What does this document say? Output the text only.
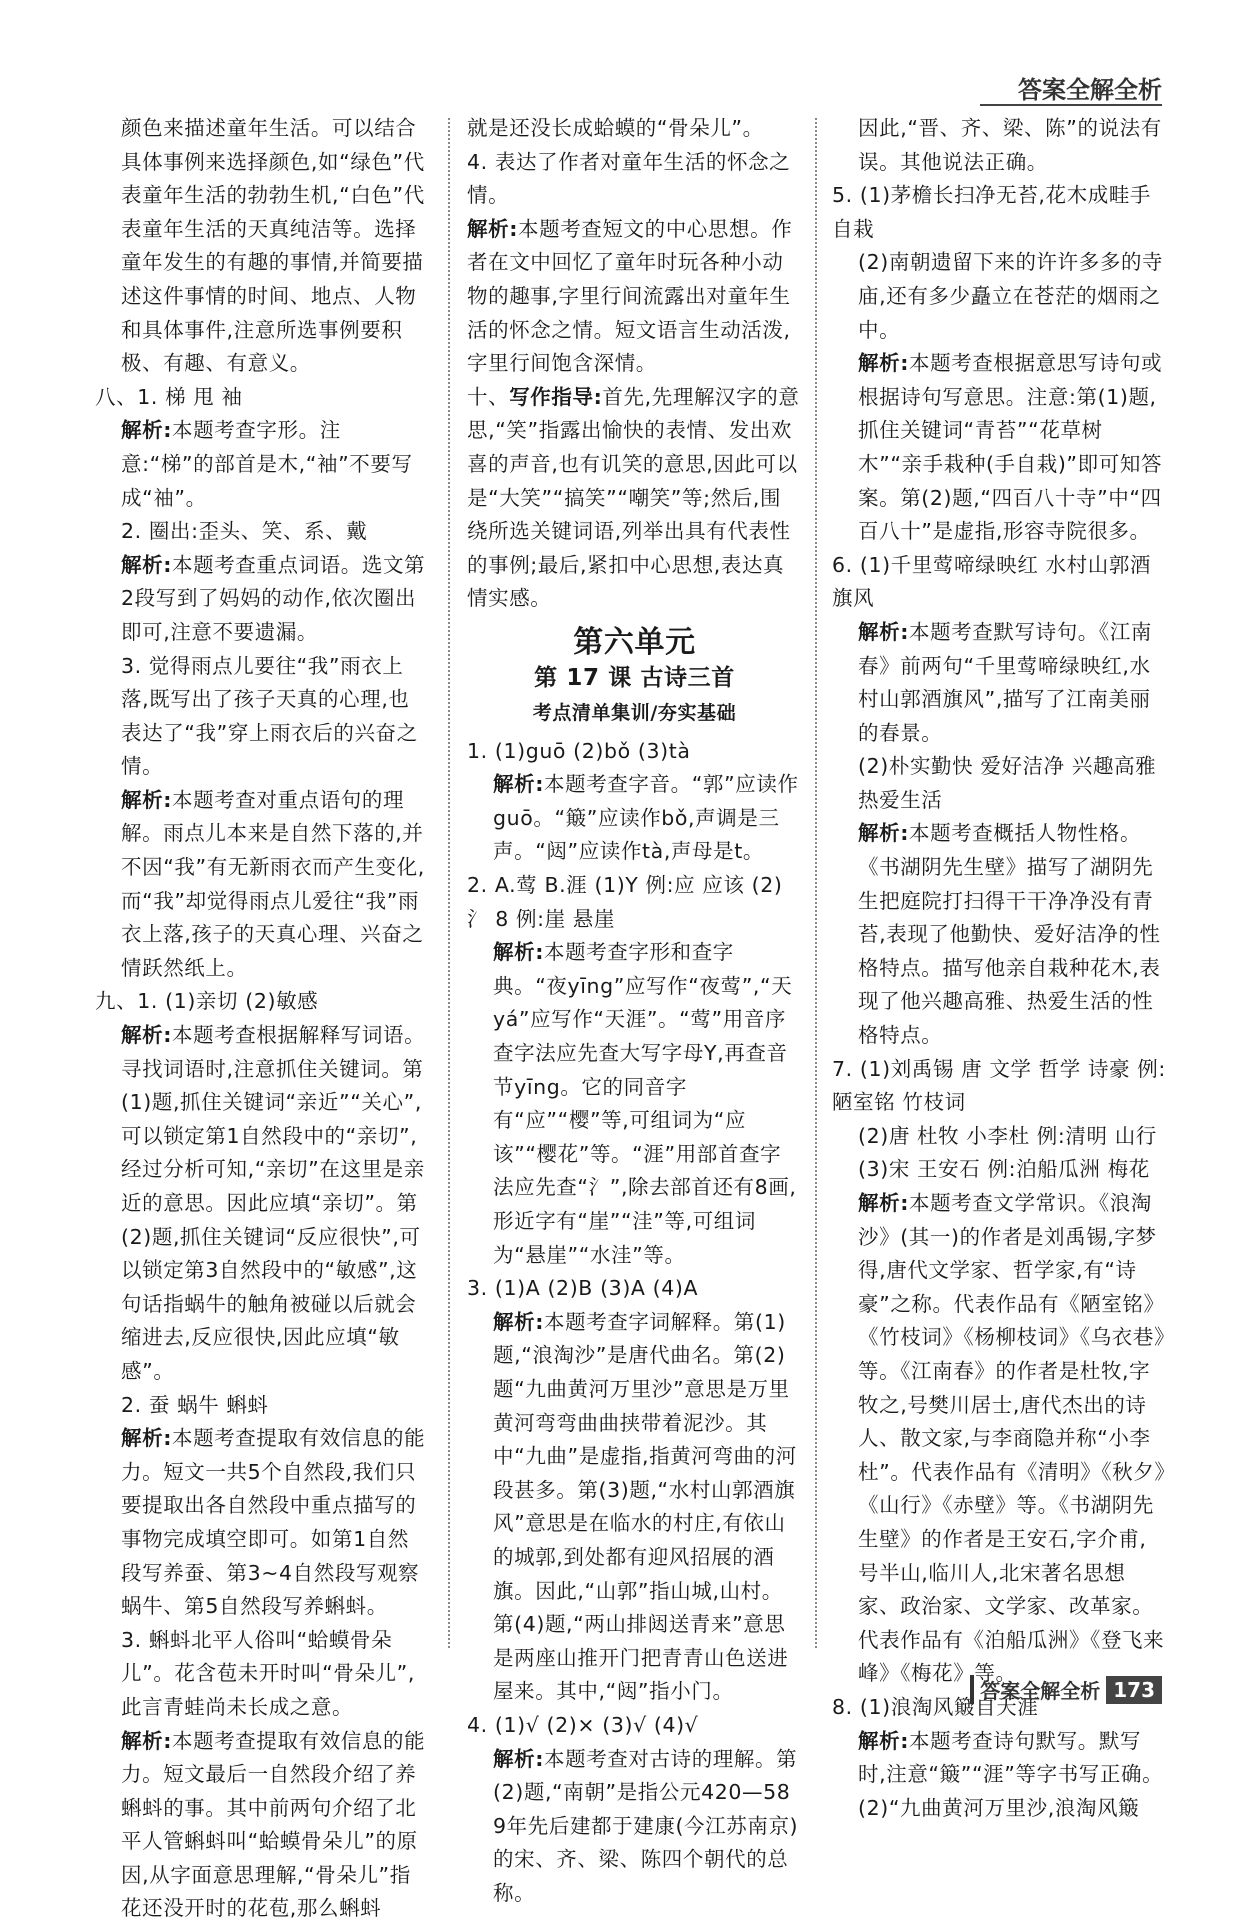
答案全解全析

颜色来描述童年生活。可以结合具体事例来选择颜色,如“绿色”代表童年生活的勃勃生机,“白色”代表童年生活的天真纯洁等。选择童年发生的有趣的事情,并简要描述这件事情的时间、地点、人物和具体事件,注意所选事例要积极、有趣、有意义。

八、1. 梯 甩 袖

解析:本题考查字形。注意:“梯”的部首是木,“袖”不要写成“䄂”。

2. 圈出:歪头、笑、系、戴

解析:本题考查重点词语。选文第2段写到了妈妈的动作,依次圈出即可,注意不要遗漏。

3. 觉得雨点儿要往“我”雨衣上落,既写出了孩子天真的心理,也表达了“我”穿上雨衣后的兴奋之情。

解析:本题考查对重点语句的理解。雨点儿本来是自然下落的,并不因“我”有无新雨衣而产生变化,而“我”却觉得雨点儿爱往“我”雨衣上落,孩子的天真心理、兴奋之情跃然纸上。

九、1. (1)亲切 (2)敏感

解析:本题考查根据解释写词语。寻找词语时,注意抓住关键词。第(1)题,抓住关键词“亲近”“关心”,可以锁定第1自然段中的“亲切”,经过分析可知,“亲切”在这里是亲近的意思。因此应填“亲切”。第(2)题,抓住关键词“反应很快”,可以锁定第3自然段中的“敏感”,这句话指蜗牛的触角被碰以后就会缩进去,反应很快,因此应填“敏感”。

2. 蚕 蜗牛 蝌蚪

解析:本题考查提取有效信息的能力。短文一共5个自然段,我们只要提取出各自然段中重点描写的事物完成填空即可。如第1自然段写养蚕、第3~4自然段写观察蜗牛、第5自然段写养蝌蚪。

3. 蝌蚪北平人俗叫“蛤蟆骨朵儿”。花含苞未开时叫“骨朵儿”,此言青蛙尚未长成之意。

解析:本题考查提取有效信息的能力。短文最后一自然段介绍了养蝌蚪的事。其中前两句介绍了北平人管蝌蚪叫“蛤蟆骨朵儿”的原因,从字面意思理解,“骨朵儿”指花还没开时的花苞,那么蝌蚪

就是还没长成蛤蟆的“骨朵儿”。

4. 表达了作者对童年生活的怀念之情。

解析:本题考查短文的中心思想。作者在文中回忆了童年时玩各种小动物的趣事,字里行间流露出对童年生活的怀念之情。短文语言生动活泼,字里行间饱含深情。

十、写作指导:首先,先理解汉字的意思,“笑”指露出愉快的表情、发出欢喜的声音,也有讥笑的意思,因此可以是“大笑”“搞笑”“嘲笑”等;然后,围绕所选关键词语,列举出具有代表性的事例;最后,紧扣中心思想,表达真情实感。

第六单元
第 17 课 古诗三首
考点清单集训/夯实基础

1. (1)guō (2)bǒ (3)tà

解析:本题考查字音。“郭”应读作guō。“簸”应读作bǒ,声调是三声。“闼”应读作tà,声母是t。

2. A.莺 B.涯 (1)Y 例:应 应该 (2)氵 8 例:崖 悬崖

解析:本题考查字形和查字典。“夜yīng”应写作“夜莺”,“天yá”应写作“天涯”。“莺”用音序查字法应先查大写字母Y,再查音节yīng。它的同音字有“应”“樱”等,可组词为“应该”“樱花”等。“涯”用部首查字法应先查“氵”,除去部首还有8画,形近字有“崖”“洼”等,可组词为“悬崖”“水洼”等。

3. (1)A (2)B (3)A (4)A

解析:本题考查字词解释。第(1)题,“浪淘沙”是唐代曲名。第(2)题“九曲黄河万里沙”意思是万里黄河弯弯曲曲挟带着泥沙。其中“九曲”是虚指,指黄河弯曲的河段甚多。第(3)题,“水村山郭酒旗风”意思是在临水的村庄,有依山的城郭,到处都有迎风招展的酒旗。因此,“山郭”指山城,山村。第(4)题,“两山排闼送青来”意思是两座山推开门把青青山色送进屋来。其中,“闼”指小门。

4. (1)√ (2)× (3)√ (4)√

解析:本题考查对古诗的理解。第(2)题,“南朝”是指公元420—589年先后建都于建康(今江苏南京)的宋、齐、梁、陈四个朝代的总称。

因此,“晋、齐、梁、陈”的说法有误。其他说法正确。

5. (1)茅檐长扫净无苔,花木成畦手自栽

(2)南朝遗留下来的许许多多的寺庙,还有多少矗立在苍茫的烟雨之中。

解析:本题考查根据意思写诗句或根据诗句写意思。注意:第(1)题,抓住关键词“青苔”“花草树木”“亲手栽种(手自栽)”即可知答案。第(2)题,“四百八十寺”中“四百八十”是虚指,形容寺院很多。

6. (1)千里莺啼绿映红 水村山郭酒旗风

解析:本题考查默写诗句。《江南春》前两句“千里莺啼绿映红,水村山郭酒旗风”,描写了江南美丽的春景。

(2)朴实勤快 爱好洁净 兴趣高雅 热爱生活

解析:本题考查概括人物性格。《书湖阴先生壁》描写了湖阴先生把庭院打扫得干干净净没有青苔,表现了他勤快、爱好洁净的性格特点。描写他亲自栽种花木,表现了他兴趣高雅、热爱生活的性格特点。

7. (1)刘禹锡 唐 文学 哲学 诗豪 例:陋室铭 竹枝词

(2)唐 杜牧 小李杜 例:清明 山行

(3)宋 王安石 例:泊船瓜洲 梅花

解析:本题考查文学常识。《浪淘沙》(其一)的作者是刘禹锡,字梦得,唐代文学家、哲学家,有“诗豪”之称。代表作品有《陋室铭》《竹枝词》《杨柳枝词》《乌衣巷》等。《江南春》的作者是杜牧,字牧之,号樊川居士,唐代杰出的诗人、散文家,与李商隐并称“小李杜”。代表作品有《清明》《秋夕》《山行》《赤壁》等。《书湖阴先生壁》的作者是王安石,字介甫,号半山,临川人,北宋著名思想家、政治家、文学家、改革家。代表作品有《泊船瓜洲》《登飞来峰》《梅花》等。

8. (1)浪淘风簸自天涯

解析:本题考查诗句默写。默写时,注意“簸”“涯”等字书写正确。

(2)“九曲黄河万里沙,浪淘风簸

答案全解全析 173
